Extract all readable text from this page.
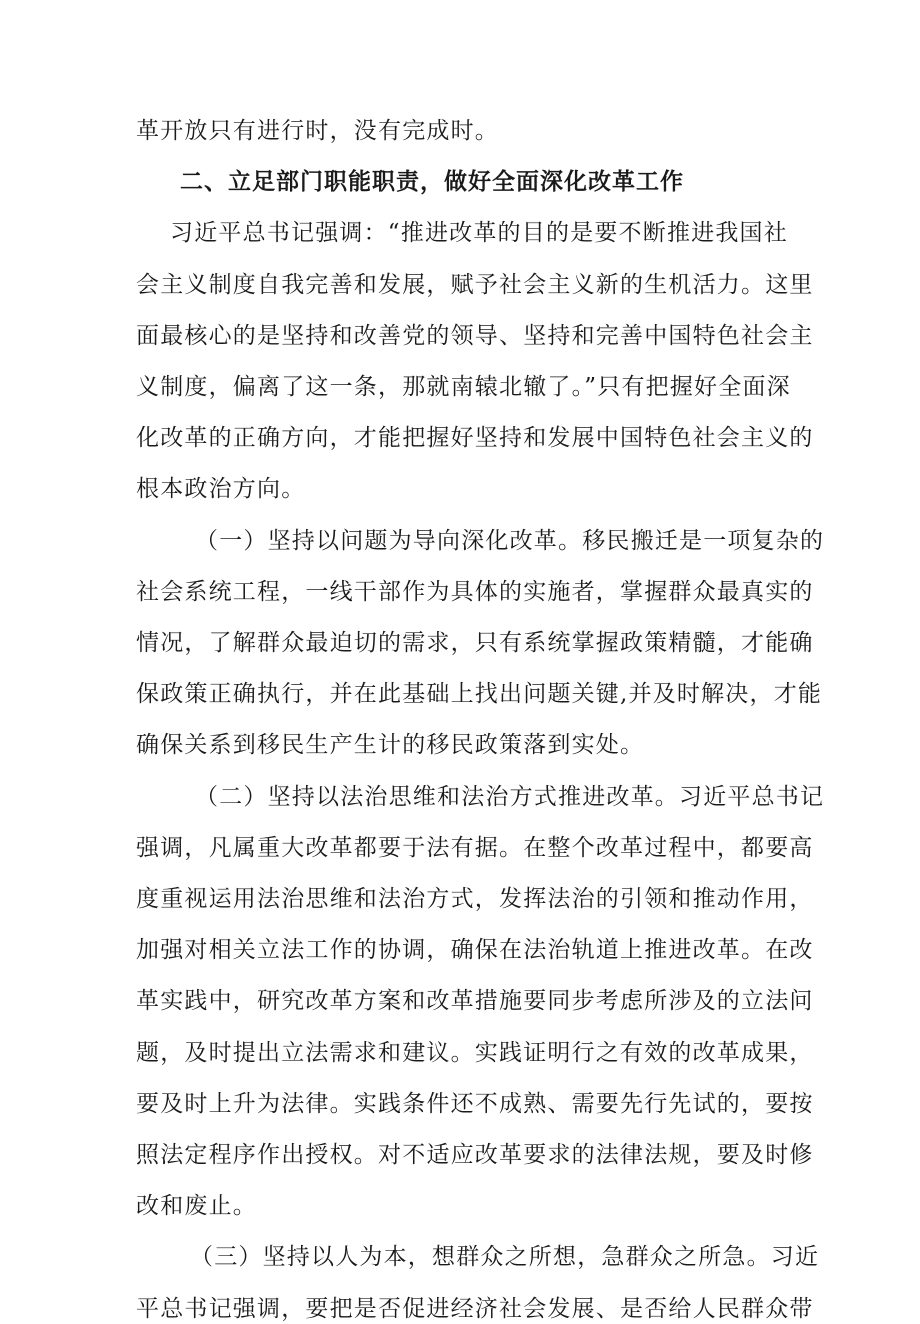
革开放只有进行时，没有完成时。
二、立足部门职能职责，做好全面深化改革工作
习近平总书记强调：“推进改革的目的是要不断推进我国社
会主义制度自我完善和发展，赋予社会主义新的生机活力。这里
面最核心的是坚持和改善党的领导、坚持和完善中国特色社会主
义制度，偏离了这一条，那就南辕北辙了。”只有把握好全面深
化改革的正确方向，才能把握好坚持和发展中国特色社会主义的
根本政治方向。
（一）坚持以问题为导向深化改革。移民搬迁是一项复杂的
社会系统工程，一线干部作为具体的实施者，掌握群众最真实的
情况，了解群众最迫切的需求，只有系统掌握政策精髓，才能确
保政策正确执行，并在此基础上找出问题关键,并及时解决，才能
确保关系到移民生产生计的移民政策落到实处。
（二）坚持以法治思维和法治方式推进改革。习近平总书记
强调，凡属重大改革都要于法有据。在整个改革过程中，都要高
度重视运用法治思维和法治方式，发挥法治的引领和推动作用，
加强对相关立法工作的协调，确保在法治轨道上推进改革。在改
革实践中，研究改革方案和改革措施要同步考虑所涉及的立法问
题，及时提出立法需求和建议。实践证明行之有效的改革成果，
要及时上升为法律。实践条件还不成熟、需要先行先试的，要按
照法定程序作出授权。对不适应改革要求的法律法规，要及时修
改和废止。
（三）坚持以人为本，想群众之所想，急群众之所急。习近
平总书记强调，要把是否促进经济社会发展、是否给人民群众带
